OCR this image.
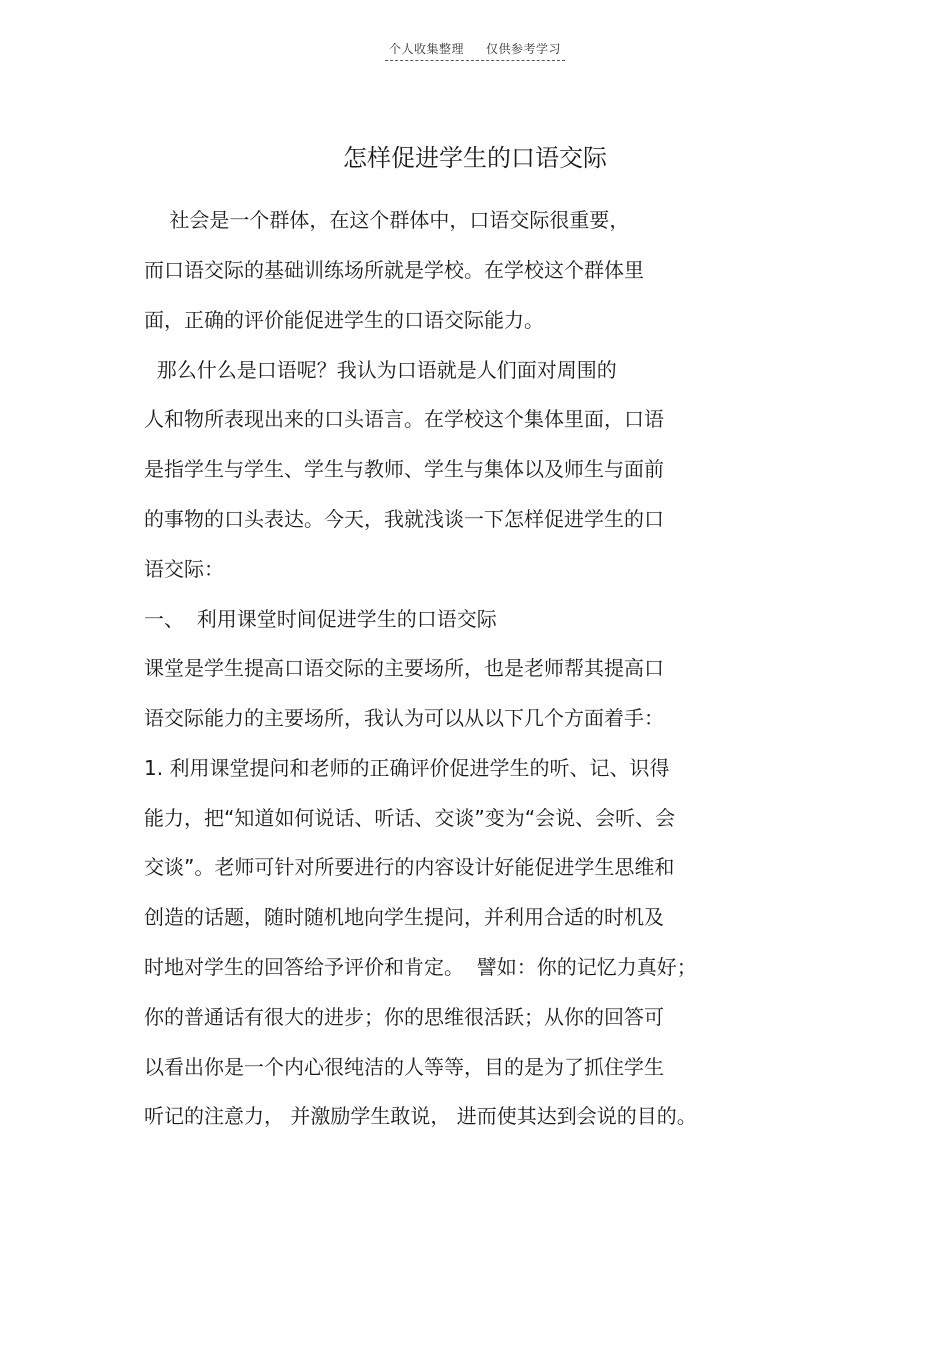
个人收集整理 仅供参考学习
怎样促进学生的口语交际

社会是一个群体，在这个群体中，口语交际很重要，

而口语交际的基础训练场所就是学校。在学校这个群体里

面，正确的评价能促进学生的口语交际能力。

那么什么是口语呢？我认为口语就是人们面对周围的

人和物所表现出来的口头语言。在学校这个集体里面，口语

是指学生与学生、学生与教师、学生与集体以及师生与面前

的事物的口头表达。今天，我就浅谈一下怎样促进学生的口

语交际：

一、  利用课堂时间促进学生的口语交际

课堂是学生提高口语交际的主要场所，也是老师帮其提高口

语交际能力的主要场所，我认为可以从以下几个方面着手：

1. 利用课堂提问和老师的正确评价促进学生的听、记、识得

能力，把“知道如何说话、听话、交谈”变为“会说、会听、会

交谈”。老师可针对所要进行的内容设计好能促进学生思维和

创造的话题，随时随机地向学生提问，并利用合适的时机及

时地对学生的回答给予评价和肯定。  譬如：你的记忆力真好；

你的普通话有很大的进步；你的思维很活跃；从你的回答可

以看出你是一个内心很纯洁的人等等，目的是为了抓住学生

听记的注意力， 并激励学生敢说， 进而使其达到会说的目的。
